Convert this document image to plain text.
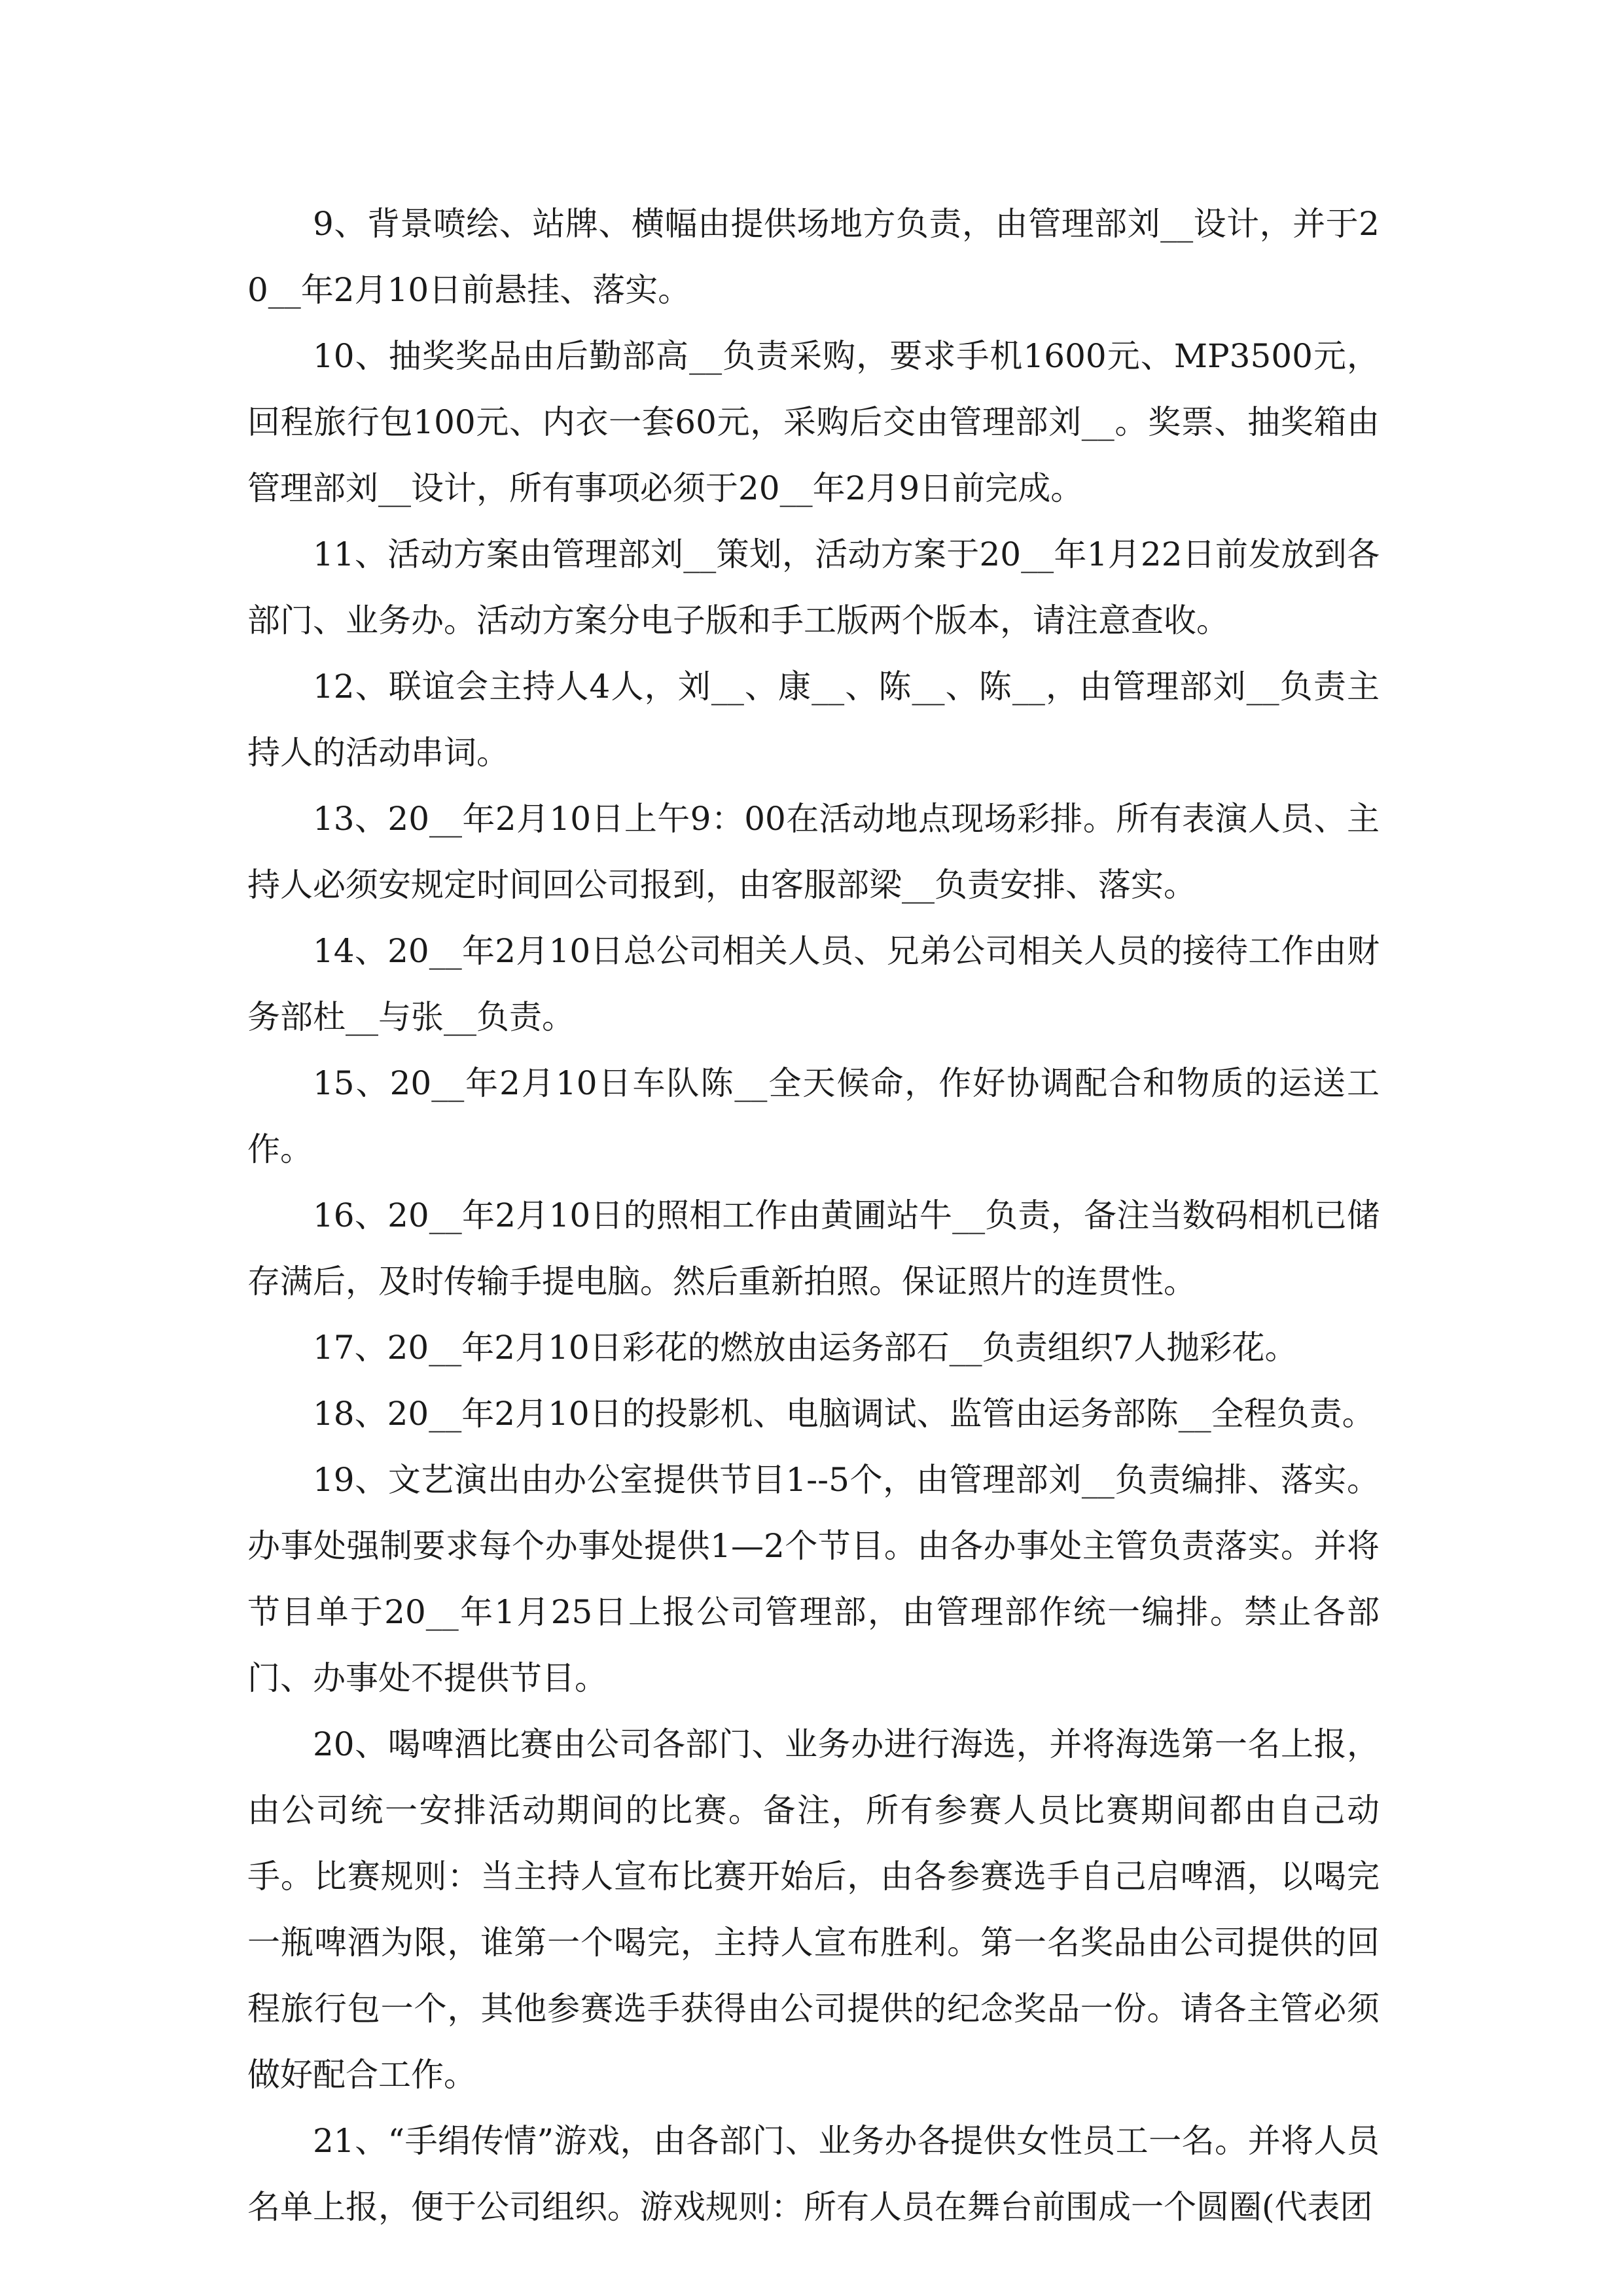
9、背景喷绘、站牌、横幅由提供场地方负责，由管理部刘__设计，并于20__年2月10日前悬挂、落实。

10、抽奖奖品由后勤部高__负责采购，要求手机1600元、MP3500元，回程旅行包100元、内衣一套60元，采购后交由管理部刘__。奖票、抽奖箱由管理部刘__设计，所有事项必须于20__年2月9日前完成。

11、活动方案由管理部刘__策划，活动方案于20__年1月22日前发放到各部门、业务办。活动方案分电子版和手工版两个版本，请注意查收。

12、联谊会主持人4人，刘__、康__、陈__、陈__，由管理部刘__负责主持人的活动串词。

13、20__年2月10日上午9：00在活动地点现场彩排。所有表演人员、主持人必须安规定时间回公司报到，由客服部梁__负责安排、落实。

14、20__年2月10日总公司相关人员、兄弟公司相关人员的接待工作由财务部杜__与张__负责。

15、20__年2月10日车队陈__全天候命，作好协调配合和物质的运送工作。

16、20__年2月10日的照相工作由黄圃站牛__负责，备注当数码相机已储存满后，及时传输手提电脑。然后重新拍照。保证照片的连贯性。

17、20__年2月10日彩花的燃放由运务部石__负责组织7人抛彩花。

18、20__年2月10日的投影机、电脑调试、监管由运务部陈__全程负责。

19、文艺演出由办公室提供节目1--5个，由管理部刘__负责编排、落实。办事处强制要求每个办事处提供1—2个节目。由各办事处主管负责落实。并将节目单于20__年1月25日上报公司管理部，由管理部作统一编排。禁止各部门、办事处不提供节目。

20、喝啤酒比赛由公司各部门、业务办进行海选，并将海选第一名上报，由公司统一安排活动期间的比赛。备注，所有参赛人员比赛期间都由自己动手。比赛规则：当主持人宣布比赛开始后，由各参赛选手自己启啤酒，以喝完一瓶啤酒为限，谁第一个喝完，主持人宣布胜利。第一名奖品由公司提供的回程旅行包一个，其他参赛选手获得由公司提供的纪念奖品一份。请各主管必须做好配合工作。

21、“手绢传情”游戏，由各部门、业务办各提供女性员工一名。并将人员名单上报，便于公司组织。游戏规则：所有人员在舞台前围成一个圆圈(代表团
